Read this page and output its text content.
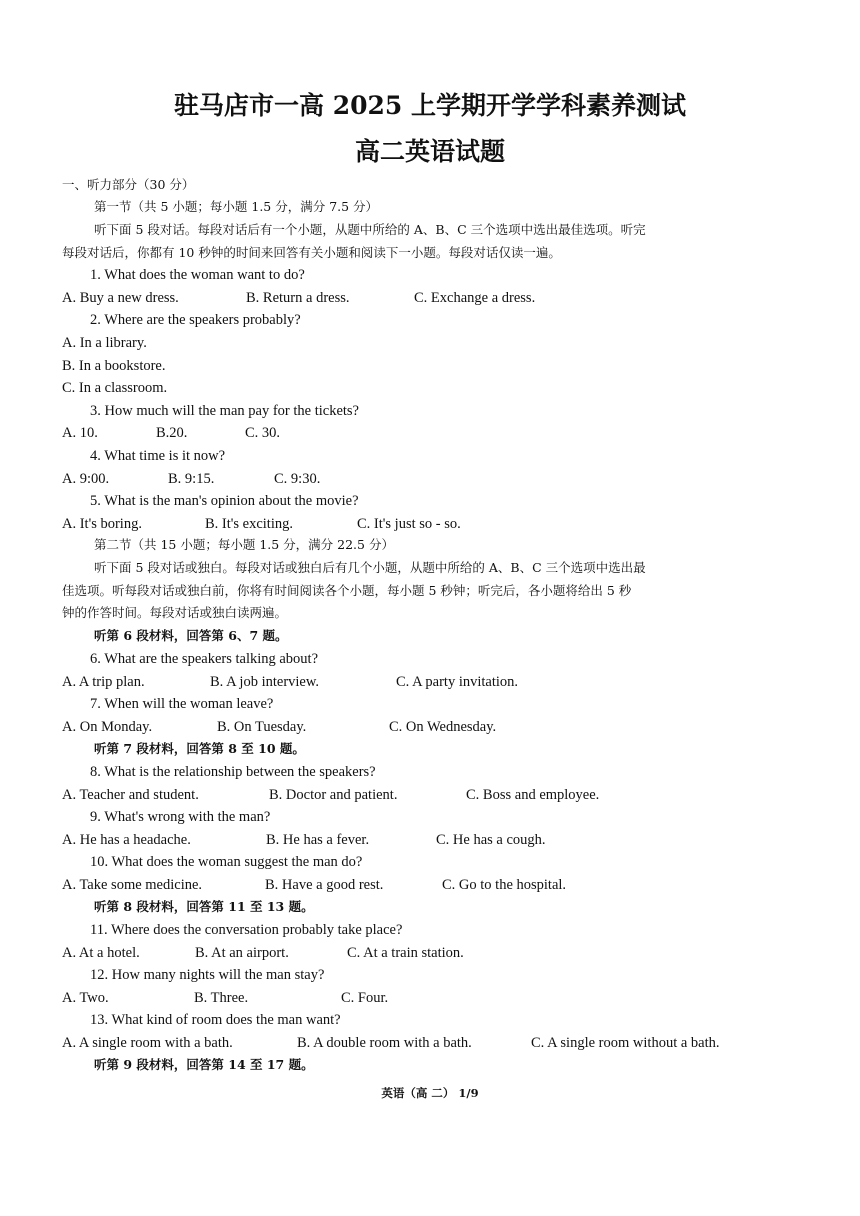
驻马店市一高 2025 上学期开学学科素养测试
高二英语试题
一、听力部分（30 分）
第一节（共 5 小题；每小题 1.5 分，满分 7.5 分）
听下面 5 段对话。每段对话后有一个小题，从题中所给的 A、B、C 三个选项中选出最佳选项。听完
每段对话后，你都有 10 秒钟的时间来回答有关小题和阅读下一小题。每段对话仅读一遍。
1. What does the woman want to do?
A. Buy a new dress.	B. Return a dress.	C. Exchange a dress.
2. Where are the speakers probably?
A. In a library.
B. In a bookstore.
C. In a classroom.
3. How much will the man pay for the tickets?
A. 10.	B.20.	C. 30.
4. What time is it now?
A. 9:00.	B. 9:15.	C. 9:30.
5. What is the man's opinion about the movie?
A. It's boring.	B. It's exciting.	C. It's just so - so.
第二节（共 15 小题；每小题 1.5 分，满分 22.5 分）
听下面 5 段对话或独白。每段对话或独白后有几个小题，从题中所给的 A、B、C 三个选项中选出最
佳选项。听每段对话或独白前，你将有时间阅读各个小题，每小题 5 秒钟；听完后，各小题将给出 5 秒
钟的作答时间。每段对话或独白读两遍。
听第 6 段材料，回答第 6、7 题。
6. What are the speakers talking about?
A. A trip plan.	B. A job interview.	C. A party invitation.
7. When will the woman leave?
A. On Monday.	B. On Tuesday.	C. On Wednesday.
听第 7 段材料，回答第 8 至 10 题。
8. What is the relationship between the speakers?
A. Teacher and student.	B. Doctor and patient.	C. Boss and employee.
9. What's wrong with the man?
A. He has a headache.	B. He has a fever.	C. He has a cough.
10. What does the woman suggest the man do?
A. Take some medicine.	B. Have a good rest.	C. Go to the hospital.
听第 8 段材料，回答第 11 至 13 题。
11. Where does the conversation probably take place?
A. At a hotel.	B. At an airport.	C. At a train station.
12. How many nights will the man stay?
A. Two.	B. Three.	C. Four.
13. What kind of room does the man want?
A. A single room with a bath.	B. A double room with a bath.	C. A single room without a bath.
听第 9 段材料，回答第 14 至 17 题。
英语（高 二） 1/9
